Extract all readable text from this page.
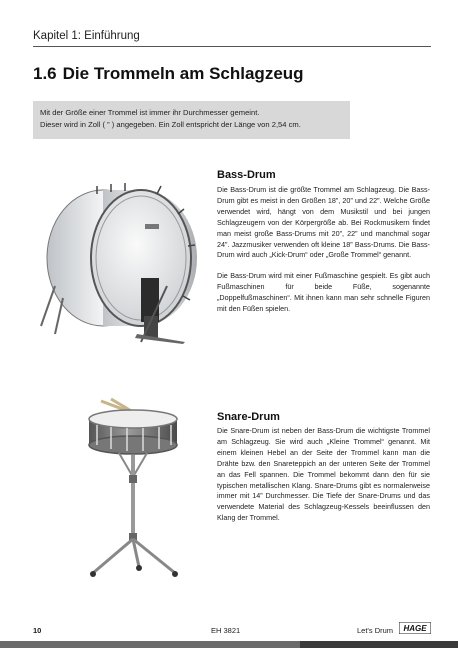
Kapitel 1: Einführung
1.6 Die Trommeln am Schlagzeug
Mit der Größe einer Trommel ist immer ihr Durchmesser gemeint.
Dieser wird in Zoll ( ” ) angegeben. Ein Zoll entspricht der Länge von 2,54 cm.
Bass-Drum

Die Bass-Drum ist die größte Trommel am Schlagzeug. Die Bass-Drum gibt es meist in den Größen 18”, 20” und 22”. Welche Größe verwendet wird, hängt von dem Musikstil und bei jungen Schlagzeugern von der Körpergröße ab. Bei Rockmusikern findet man meist große Bass-Drums mit 20”, 22” und manchmal sogar 24”. Jazzmusiker verwenden oft kleine 18” Bass-Drums. Die Bass-Drum wird auch „Kick-Drum“ oder „Große Trommel“ genannt.

Die Bass-Drum wird mit einer Fußmaschine gespielt. Es gibt auch Fußmaschinen für beide Füße, sogenannte „Doppelfußmaschinen“. Mit ihnen kann man sehr schnelle Figuren mit den Füßen spielen.

Snare-Drum

Die Snare-Drum ist neben der Bass-Drum die wichtigste Trommel am Schlagzeug. Sie wird auch „Kleine Trommel“ genannt. Mit einem kleinen Hebel an der Seite der Trommel kann man die Drähte bzw. den Snareteppich an der unteren Seite der Trommel an das Fell spannen. Die Trommel bekommt dann den für sie typischen metallischen Klang. Snare-Drums gibt es normalerweise immer mit 14” Durchmesser. Die Tiefe der Snare-Drums und das verwendete Material des Schlagzeug-Kessels beeinflussen den Klang der Trommel.

10	EH 3821	Let's Drum HAGE
